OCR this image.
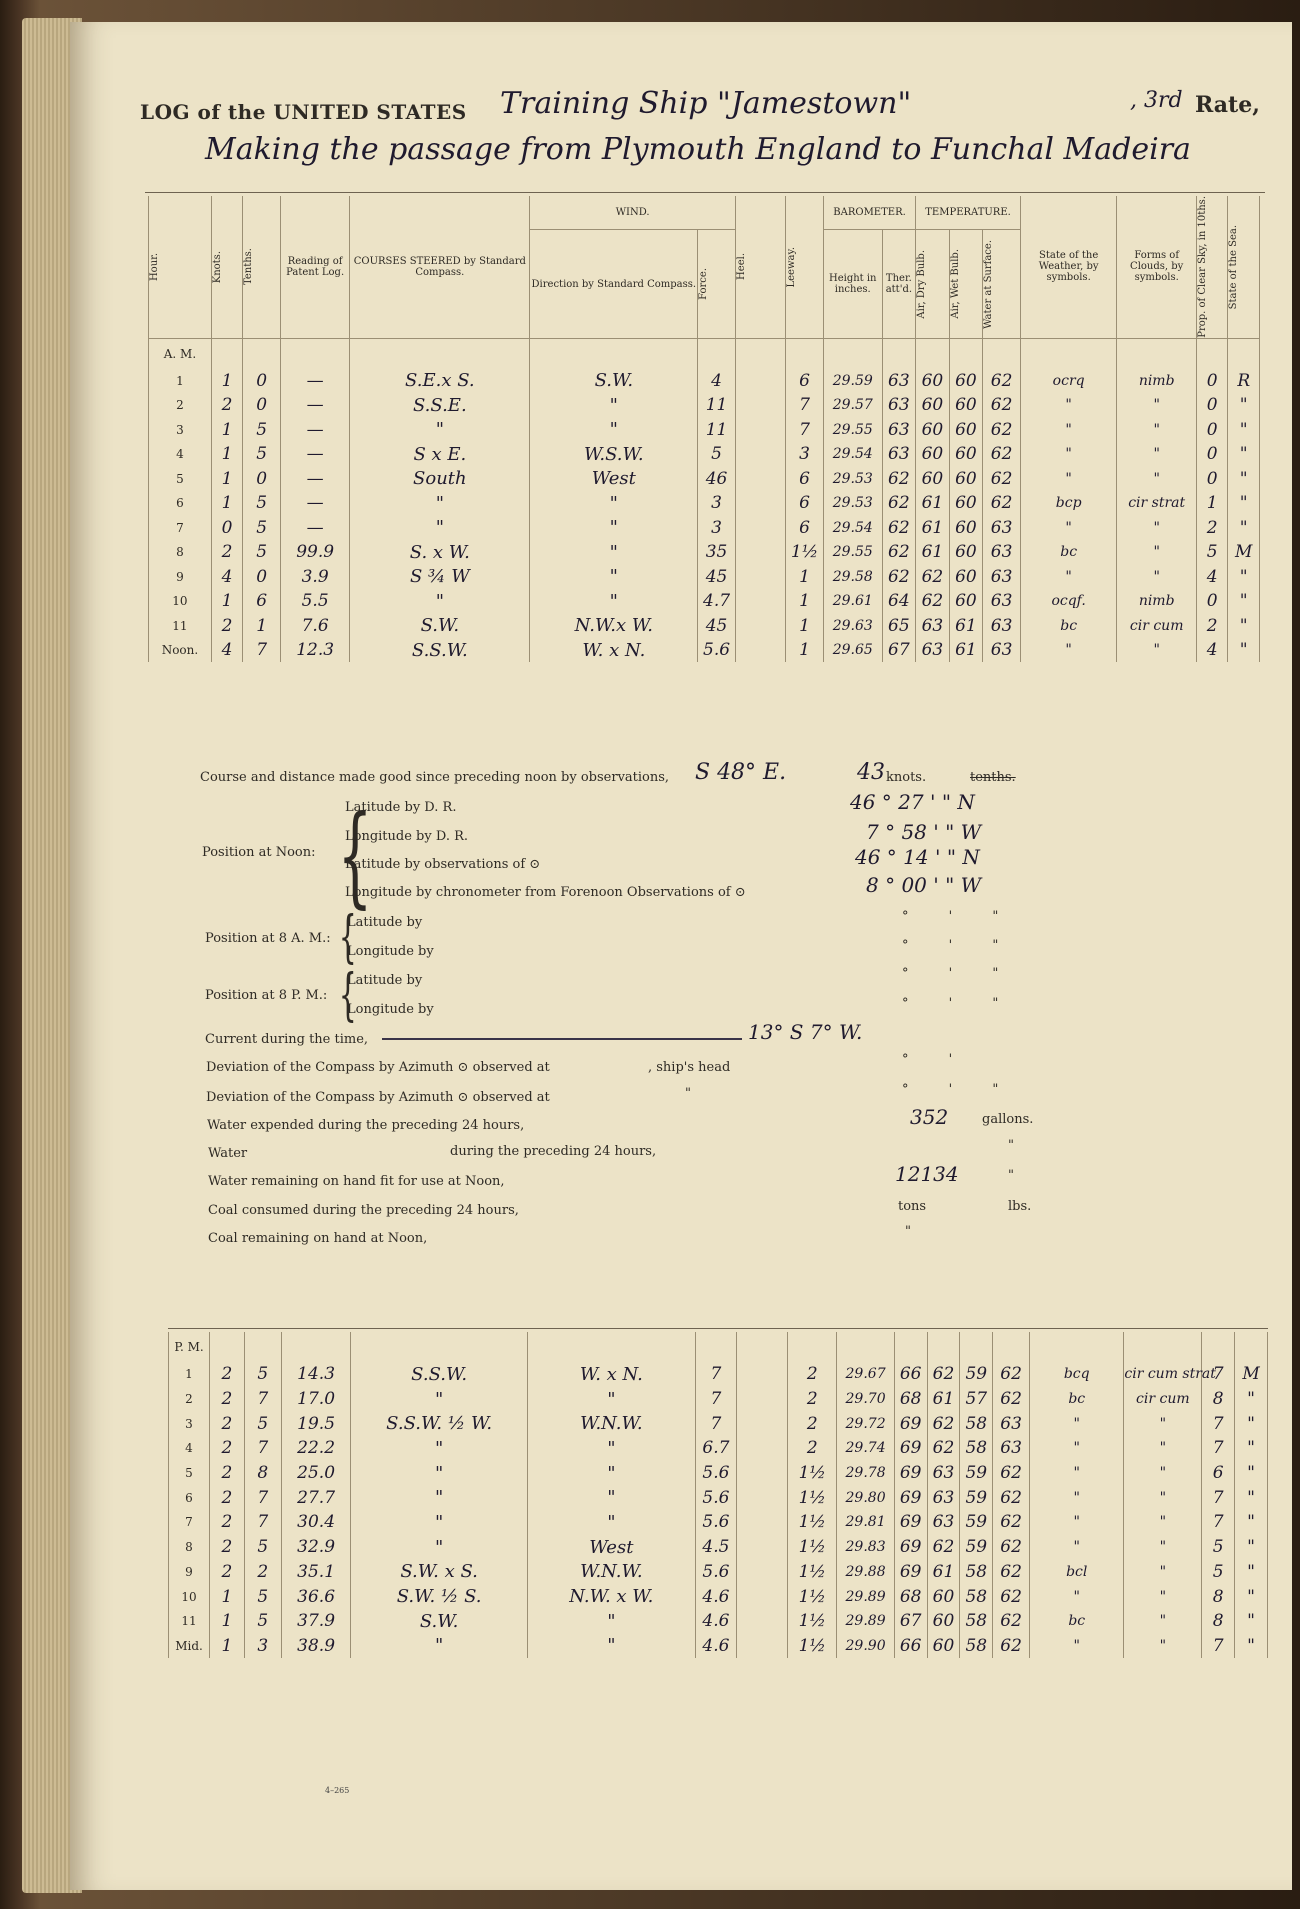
LOG of the UNITED STATES Training Ship "Jamestown"	, 3rd Rate,
Making the passage from Plymouth England to Funchal Madeira
Hour.	Knots.	Tenths.	Reading of Patent Log.	COURSES STEERED by Standard Compass.	WIND.		Heel.	Leeway.	BAROMETER.		TEMPERATURE.			State of the Weather, by symbols.	Forms of Clouds, by symbols.	Prop. of Clear Sky, in 10ths.	State of the Sea.

					Direction by Standard Compass.	Force.			Height in inches.	Ther. att'd.	Air, Dry Bulb.	Air, Wet Bulb.	Water at Surface.				

A. M.																	
1	1	0	—	S.E.x S.	S.W.	4		6	29.59	63	60	60	62	ocrq	nimb	0	R
2	2	0	—	S.S.E.	"	11		7	29.57	63	60	60	62	"	"	0	"
3	1	5	—	"	"	11		7	29.55	63	60	60	62	"	"	0	"
4	1	5	—	S x E.	W.S.W.	5		3	29.54	63	60	60	62	"	"	0	"
5	1	0	—	South	West	46		6	29.53	62	60	60	62	"	"	0	"
6	1	5	—	"	"	3		6	29.53	62	61	60	62	bcp	cir strat	1	"
7	0	5	—	"	"	3		6	29.54	62	61	60	63	"	"	2	"
8	2	5	99.9	S. x W.	"	35		1½	29.55	62	61	60	63	bc	"	5	M
9	4	0	3.9	S ¾ W	"	45		1	29.58	62	62	60	63	"	"	4	"
10	1	6	5.5	"	"	4.7		1	29.61	64	62	60	63	ocqf.	nimb	0	"
11	2	1	7.6	S.W.	N.W.x W.	45		1	29.63	65	63	61	63	bc	cir cum	2	"
Noon.	4	7	12.3	S.S.W.	W. x N.	5.6		1	29.65	67	63	61	63	"	"	4	"
Course and distance made good since preceding noon by observations, S 48° E.	43 knots.	tenths.
Position at Noon: {
Latitude by D. R.	46 ° 27 ' " N
Longitude by D. R.	7 ° 58 ' " W
Latitude by observations of ⊙	46 ° 14 ' " N
Longitude by chronometer from Forenoon Observations of ⊙	8 ° 00 ' " W
Position at 8 A. M.: {
Latitude by
Longitude by
° ' "
° ' "
Position at 8 P. M.: {
Latitude by
Longitude by
° ' "
° ' "
Current during the time,	13° S 7° W.
Deviation of the Compass by Azimuth ⊙ observed at	, ship's head
° '
Deviation of the Compass by Azimuth ⊙ observed at	"	° ' "
Water expended during the preceding 24 hours,	352	gallons.
Water	during the preceding 24 hours,	"
Water remaining on hand fit for use at Noon,	12134	"
Coal consumed during the preceding 24 hours,	tons	lbs.
Coal remaining on hand at Noon,	"
P. M.																	
1	2	5	14.3	S.S.W.	W. x N.	7		2	29.67	66	62	59	62	bcq	cir cum strat	7	M
2	2	7	17.0	"	"	7		2	29.70	68	61	57	62	bc	cir cum	8	"
3	2	5	19.5	S.S.W. ½ W.	W.N.W.	7		2	29.72	69	62	58	63	"	"	7	"
4	2	7	22.2	"	"	6.7		2	29.74	69	62	58	63	"	"	7	"
5	2	8	25.0	"	"	5.6		1½	29.78	69	63	59	62	"	"	6	"
6	2	7	27.7	"	"	5.6		1½	29.80	69	63	59	62	"	"	7	"
7	2	7	30.4	"	"	5.6		1½	29.81	69	63	59	62	"	"	7	"
8	2	5	32.9	"	West	4.5		1½	29.83	69	62	59	62	"	"	5	"
9	2	2	35.1	S.W. x S.	W.N.W.	5.6		1½	29.88	69	61	58	62	bcl	"	5	"
10	1	5	36.6	S.W. ½ S.	N.W. x W.	4.6		1½	29.89	68	60	58	62	"	"	8	"
11	1	5	37.9	S.W.	"	4.6		1½	29.89	67	60	58	62	bc	"	8	"
Mid.	1	3	38.9	"	"	4.6		1½	29.90	66	60	58	62	"	"	7	"
4–265
